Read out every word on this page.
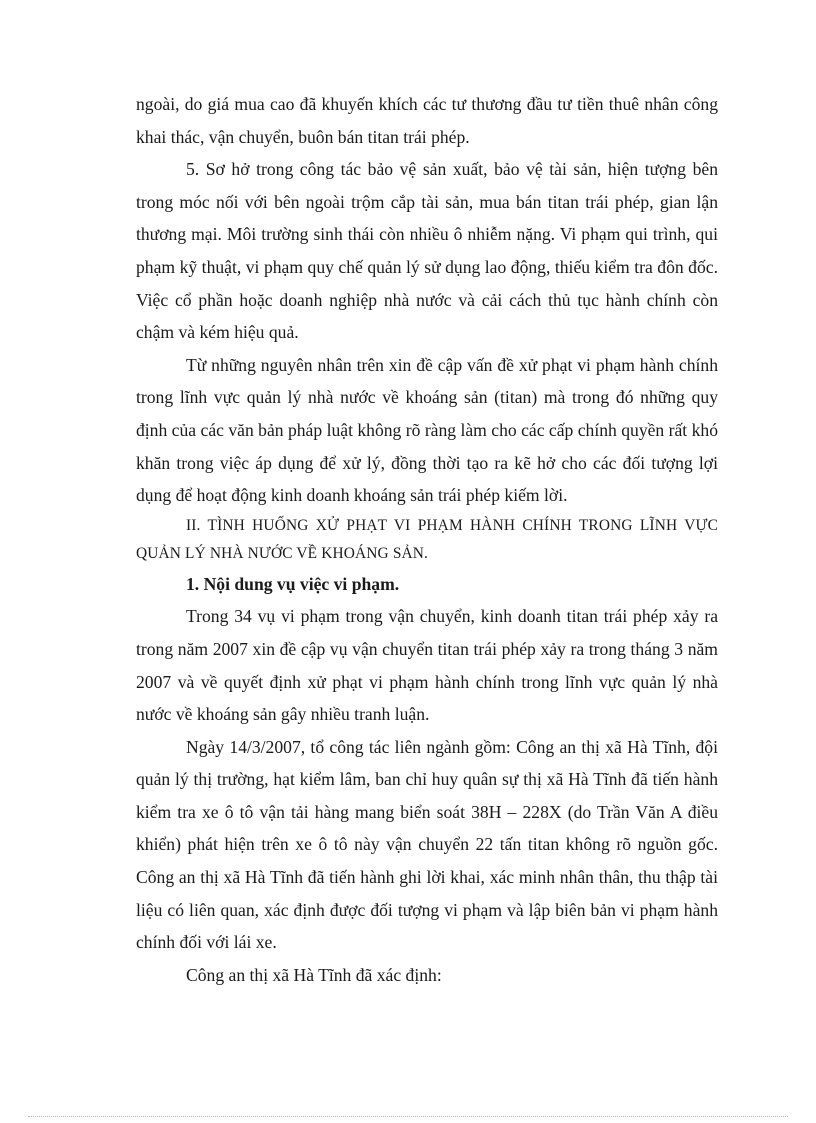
ngoài, do giá mua cao đã khuyến khích các tư thương đầu tư tiền thuê nhân công khai thác, vận chuyển, buôn bán titan trái phép.

5. Sơ hở trong công tác bảo vệ sản xuất, bảo vệ tài sản, hiện tượng bên trong móc nối với bên ngoài trộm cắp tài sản, mua bán titan trái phép, gian lận thương mại. Môi trường sinh thái còn nhiều ô nhiễm nặng. Vi phạm qui trình, qui phạm kỹ thuật, vi phạm quy chế quản lý sử dụng lao động, thiếu kiểm tra đôn đốc. Việc cổ phần hoặc doanh nghiệp nhà nước và cải cách thủ tục hành chính còn chậm và kém hiệu quả.

Từ những nguyên nhân trên xin đề cập vấn đề xử phạt vi phạm hành chính trong lĩnh vực quản lý nhà nước về khoáng sản (titan) mà trong đó những quy định của các văn bản pháp luật không rõ ràng làm cho các cấp chính quyền rất khó khăn trong việc áp dụng để xử lý, đồng thời tạo ra kẽ hở cho các đối tượng lợi dụng để hoạt động kinh doanh khoáng sản trái phép kiếm lời.

II. TÌNH HUỐNG XỬ PHẠT VI PHẠM HÀNH CHÍNH TRONG LĨNH VỰC QUẢN LÝ NHÀ NƯỚC VỀ KHOÁNG SẢN.

1. Nội dung vụ việc vi phạm.

Trong 34 vụ vi phạm trong vận chuyển, kinh doanh titan trái phép xảy ra trong năm 2007 xin đề cập vụ vận chuyển titan trái phép xảy ra trong tháng 3 năm 2007 và về quyết định xử phạt vi phạm hành chính trong lĩnh vực quản lý nhà nước về khoáng sản gây nhiều tranh luận.

Ngày 14/3/2007, tổ công tác liên ngành gồm: Công an thị xã Hà Tĩnh, đội quản lý thị trường, hạt kiểm lâm, ban chỉ huy quân sự thị xã Hà Tĩnh đã tiến hành kiểm tra xe ô tô vận tải hàng mang biển soát 38H – 228X (do Trần Văn A điều khiển) phát hiện trên xe ô tô này vận chuyển 22 tấn titan không rõ nguồn gốc. Công an thị xã Hà Tĩnh đã tiến hành ghi lời khai, xác minh nhân thân, thu thập tài liệu có liên quan, xác định được đối tượng vi phạm và lập biên bản vi phạm hành chính đối với lái xe.

Công an thị xã Hà Tĩnh đã xác định:
